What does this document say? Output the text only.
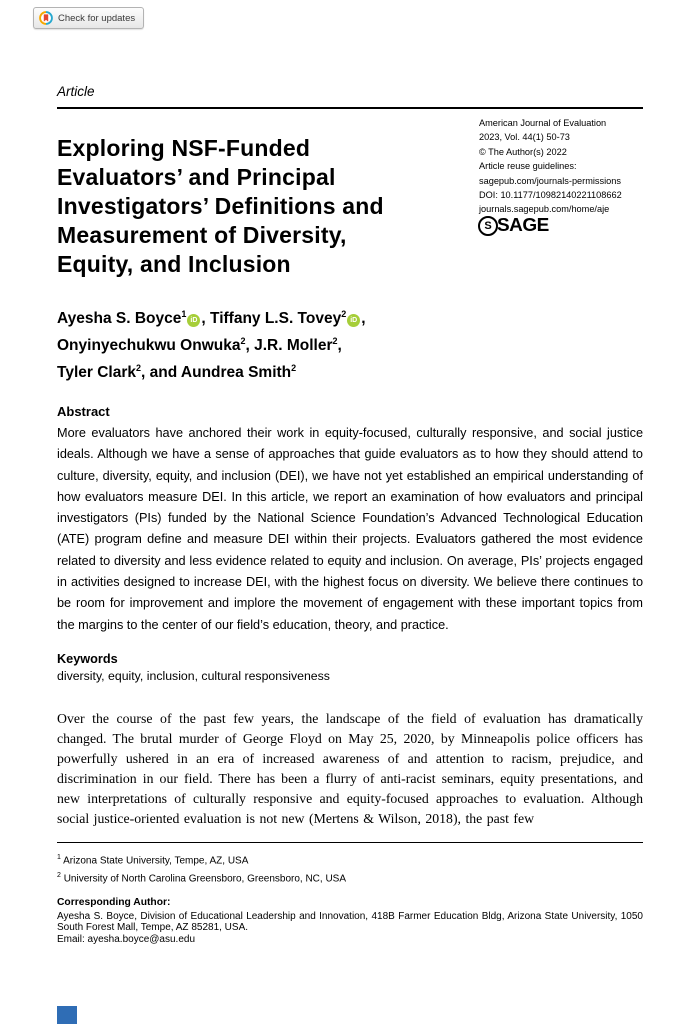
Check for updates
Article
American Journal of Evaluation
2023, Vol. 44(1) 50-73
© The Author(s) 2022
Article reuse guidelines:
sagepub.com/journals-permissions
DOI: 10.1177/10982140221108662
journals.sagepub.com/home/aje
S SAGE
Exploring NSF-Funded
Evaluators’ and Principal
Investigators’ Definitions and
Measurement of Diversity,
Equity, and Inclusion
Ayesha S. Boyce$^1$iD , Tiffany L.S. Tovey$^2$iD ,
Onyinyechukwu Onwuka$^2$, J.R. Moller$^2$,
Tyler Clark$^2$, and Aundrea Smith$^2$
Abstract
More evaluators have anchored their work in equity-focused, culturally responsive, and social justice ideals. Although we have a sense of approaches that guide evaluators as to how they should attend to culture, diversity, equity, and inclusion (DEI), we have not yet established an empirical understanding of how evaluators measure DEI. In this article, we report an examination of how evaluators and principal investigators (PIs) funded by the National Science Foundation’s Advanced Technological Education (ATE) program define and measure DEI within their projects. Evaluators gathered the most evidence related to diversity and less evidence related to equity and inclusion. On average, PIs’ projects engaged in activities designed to increase DEI, with the highest focus on diversity. We believe there continues to be room for improvement and implore the movement of engagement with these important topics from the margins to the center of our field’s education, theory, and practice.
Keywords
diversity, equity, inclusion, cultural responsiveness
Over the course of the past few years, the landscape of the field of evaluation has dramatically changed. The brutal murder of George Floyd on May 25, 2020, by Minneapolis police officers has powerfully ushered in an era of increased awareness of and attention to racism, prejudice, and discrimination in our field. There has been a flurry of anti-racist seminars, equity presentations, and new interpretations of culturally responsive and equity-focused approaches to evaluation. Although social justice-oriented evaluation is not new (Mertens & Wilson, 2018), the past few
$^1$ Arizona State University, Tempe, AZ, USA
$^2$ University of North Carolina Greensboro, Greensboro, NC, USA
Corresponding Author:
Ayesha S. Boyce, Division of Educational Leadership and Innovation, 418B Farmer Education Bldg, Arizona State University, 1050 South Forest Mall, Tempe, AZ 85281, USA.
Email: ayesha.boyce@asu.edu
